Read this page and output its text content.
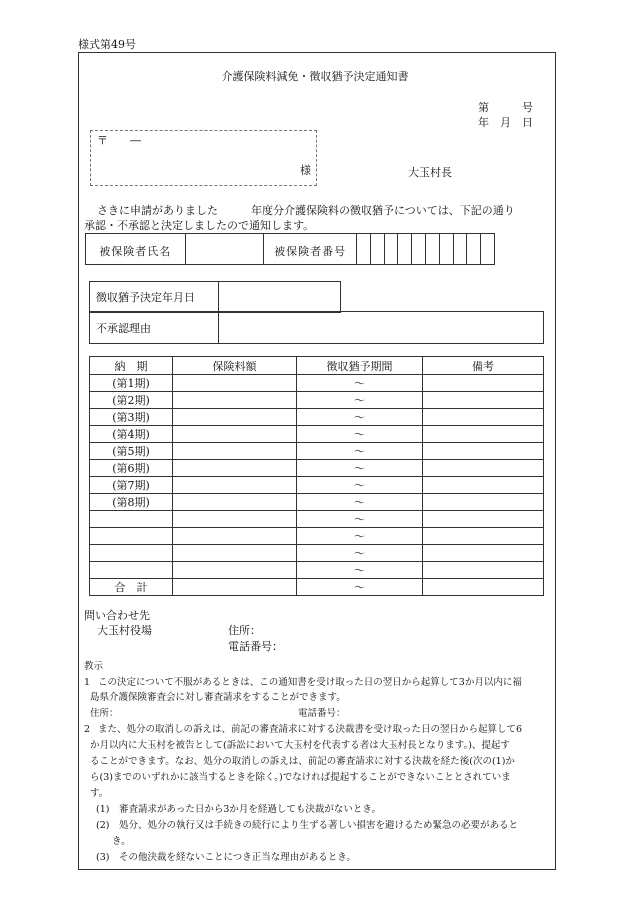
様式第49号
介護保険料減免・徴収猶予決定通知書
第　　　号
年　月　日
〒　　―
様	大玉村長
さきに申請がありました　　　年度分介護保険料の徴収猶予については、下記の通り
承認・不承認と決定しましたので通知します。
被保険者氏名		被保険者番号										
徴収猶予決定年月日	
不承認理由	
納　期	保険料額	徴収猶予期間	備考
(第1期)		～	
(第2期)		～	
(第3期)		～	
(第4期)		～	
(第5期)		～	
(第6期)		～	
(第7期)		～	
(第8期)		～	
		～	
		～	
		～	
		～	
合　計		～	
問い合わせ先
大玉村役場	住所：
電話番号：
教示
1 この決定について不服があるときは、この通知書を受け取った日の翌日から起算して3か月以内に福
島県介護保険審査会に対し審査請求をすることができます。
住所：	電話番号：
2 また、処分の取消しの訴えは、前記の審査請求に対する決裁書を受け取った日の翌日から起算して6
か月以内に大玉村を被告として(訴訟において大玉村を代表する者は大玉村長となります。)、提起す
ることができます。なお、処分の取消しの訴えは、前記の審査請求に対する決裁を経た後(次の(1)か
ら(3)までのいずれかに該当するときを除く。)でなければ提起することができないこととされていま
す。
(1)　審査請求があった日から3か月を経過しても決裁がないとき。
(2)　処分、処分の執行又は手続きの続行により生ずる著しい損害を避けるため緊急の必要があると
き。
(3)　その他決裁を経ないことにつき正当な理由があるとき。
